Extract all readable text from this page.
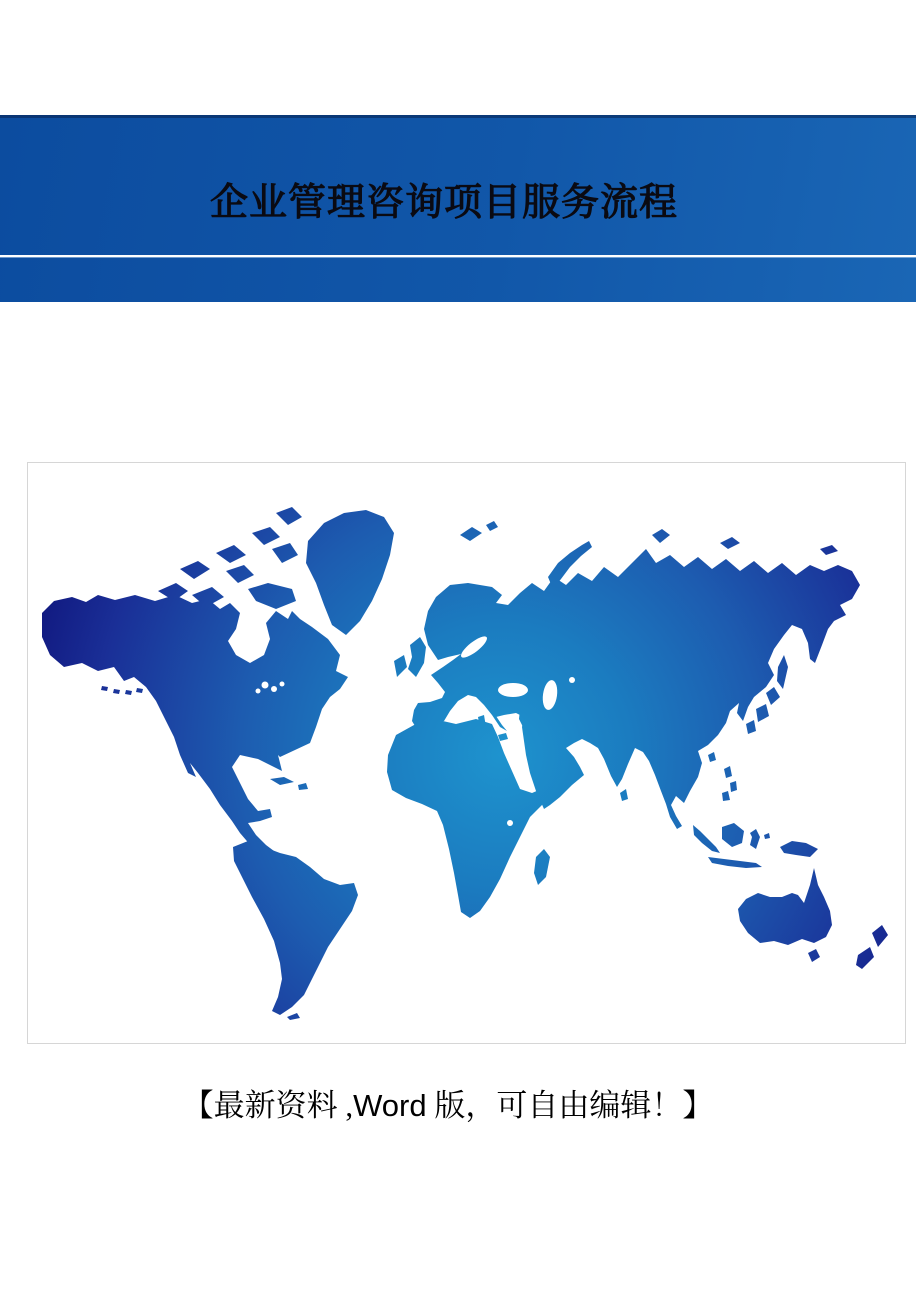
企业管理咨询项目服务流程
【最新资料 ,Word 版，可自由编辑！】
